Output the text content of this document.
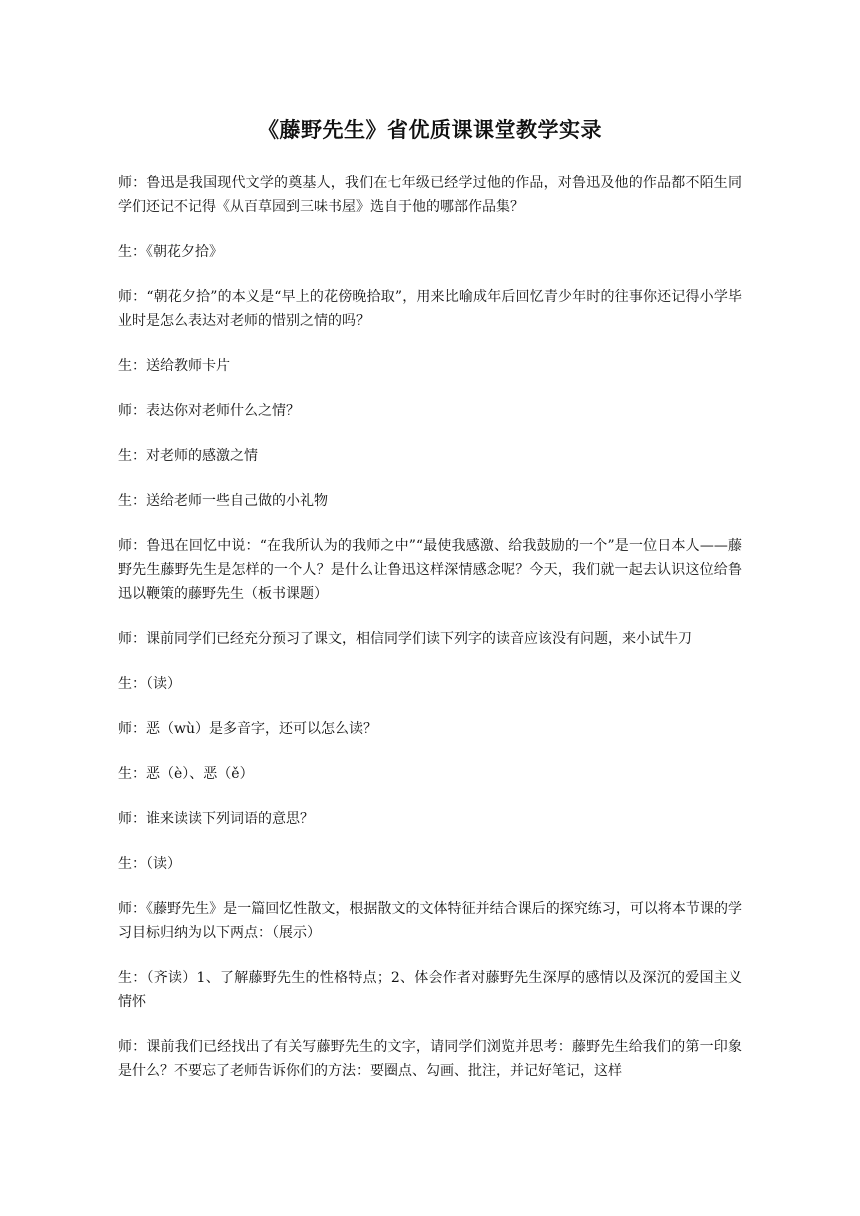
《藤野先生》省优质课课堂教学实录

师：鲁迅是我国现代文学的奠基人，我们在七年级已经学过他的作品，对鲁迅及他的作品都不陌生同学们还记不记得《从百草园到三味书屋》选自于他的哪部作品集？

生：《朝花夕拾》

师：“朝花夕拾”的本义是“早上的花傍晚拾取”，用来比喻成年后回忆青少年时的往事你还记得小学毕业时是怎么表达对老师的惜别之情的吗？

生：送给教师卡片

师：表达你对老师什么之情？

生：对老师的感激之情

生：送给老师一些自己做的小礼物

师：鲁迅在回忆中说：“在我所认为的我师之中”“最使我感激、给我鼓励的一个”是一位日本人——藤野先生藤野先生是怎样的一个人？是什么让鲁迅这样深情感念呢？今天，我们就一起去认识这位给鲁迅以鞭策的藤野先生（板书课题）

师：课前同学们已经充分预习了课文，相信同学们读下列字的读音应该没有问题，来小试牛刀

生：（读）

师：恶（wù）是多音字，还可以怎么读？

生：恶（è）、恶（ě）

师：谁来读读下列词语的意思？

生：（读）

师：《藤野先生》是一篇回忆性散文，根据散文的文体特征并结合课后的探究练习，可以将本节课的学习目标归纳为以下两点：（展示）

生：（齐读）1、了解藤野先生的性格特点；2、体会作者对藤野先生深厚的感情以及深沉的爱国主义情怀

师：课前我们已经找出了有关写藤野先生的文字，请同学们浏览并思考：藤野先生给我们的第一印象是什么？不要忘了老师告诉你们的方法：要圈点、勾画、批注，并记好笔记，这样
